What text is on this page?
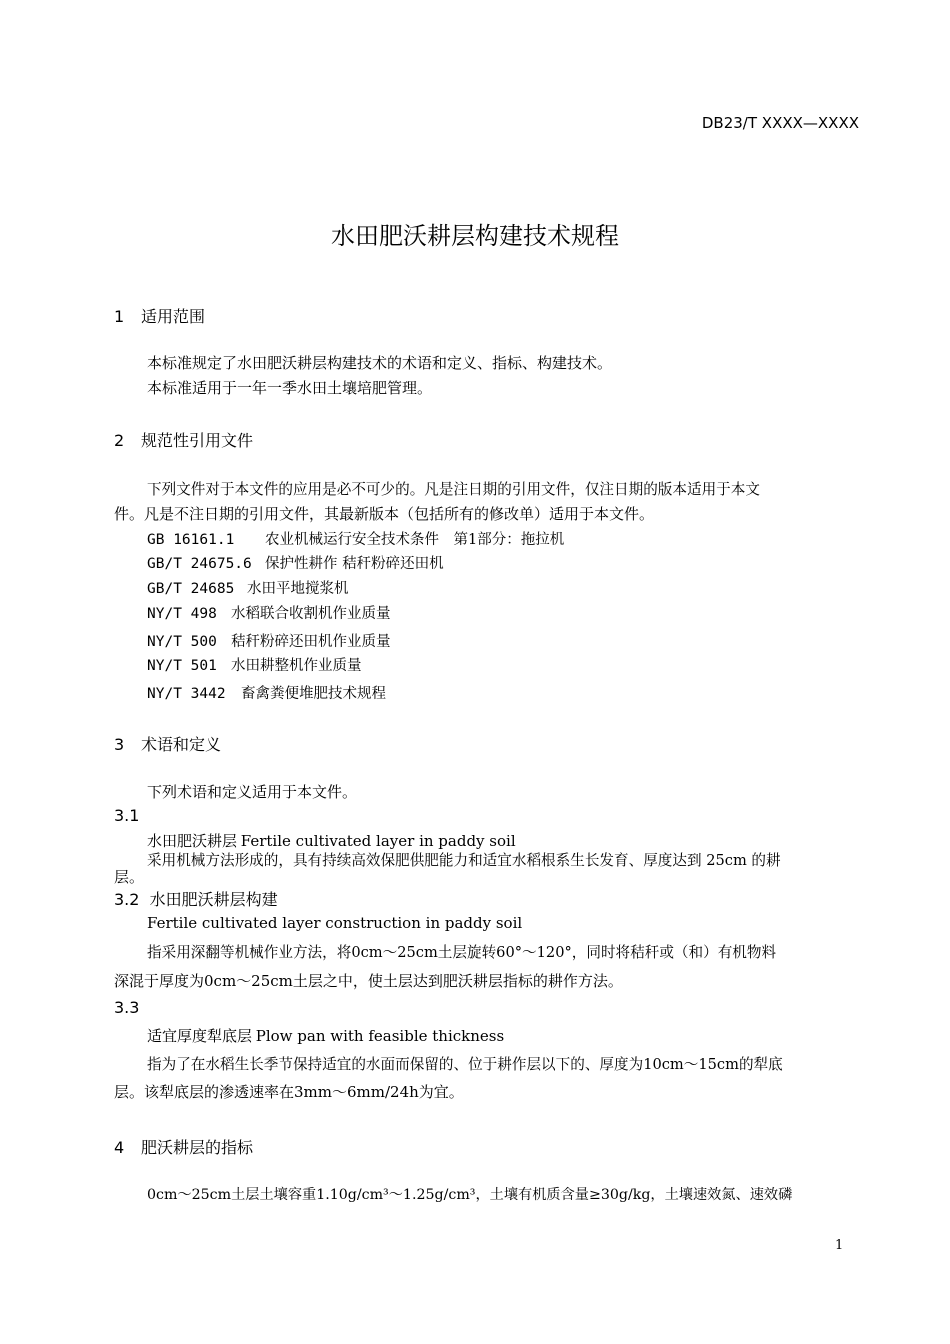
DB23/T XXXX—XXXX
水田肥沃耕层构建技术规程
1 适用范围
本标准规定了水田肥沃耕层构建技术的术语和定义、指标、构建技术。
本标准适用于一年一季水田土壤培肥管理。
2 规范性引用文件
下列文件对于本文件的应用是必不可少的。凡是注日期的引用文件，仅注日期的版本适用于本文
件。凡是不注日期的引用文件，其最新版本（包括所有的修改单）适用于本文件。
GB 16161.1 农业机械运行安全技术条件　第1部分：拖拉机
GB/T 24675.6 保护性耕作 秸秆粉碎还田机
GB/T 24685 水田平地搅浆机
NY/T 498 水稻联合收割机作业质量
NY/T 500 秸秆粉碎还田机作业质量
NY/T 501 水田耕整机作业质量
NY/T 3442 畜禽粪便堆肥技术规程
3 术语和定义
下列术语和定义适用于本文件。
3.1
水田肥沃耕层 Fertile cultivated layer in paddy soil
采用机械方法形成的，具有持续高效保肥供肥能力和适宜水稻根系生长发育、厚度达到 25cm 的耕
层。
3.2 水田肥沃耕层构建
Fertile cultivated layer construction in paddy soil
指采用深翻等机械作业方法，将0cm～25cm土层旋转60°～120°，同时将秸秆或（和）有机物料
深混于厚度为0cm～25cm土层之中，使土层达到肥沃耕层指标的耕作方法。
3.3
适宜厚度犁底层 Plow pan with feasible thickness
指为了在水稻生长季节保持适宜的水面而保留的、位于耕作层以下的、厚度为10cm～15cm的犁底
层。该犁底层的渗透速率在3mm～6mm/24h为宜。
4 肥沃耕层的指标
0cm～25cm土层土壤容重1.10g/cm³～1.25g/cm³，土壤有机质含量≥30g/kg，土壤速效氮、速效磷
1
